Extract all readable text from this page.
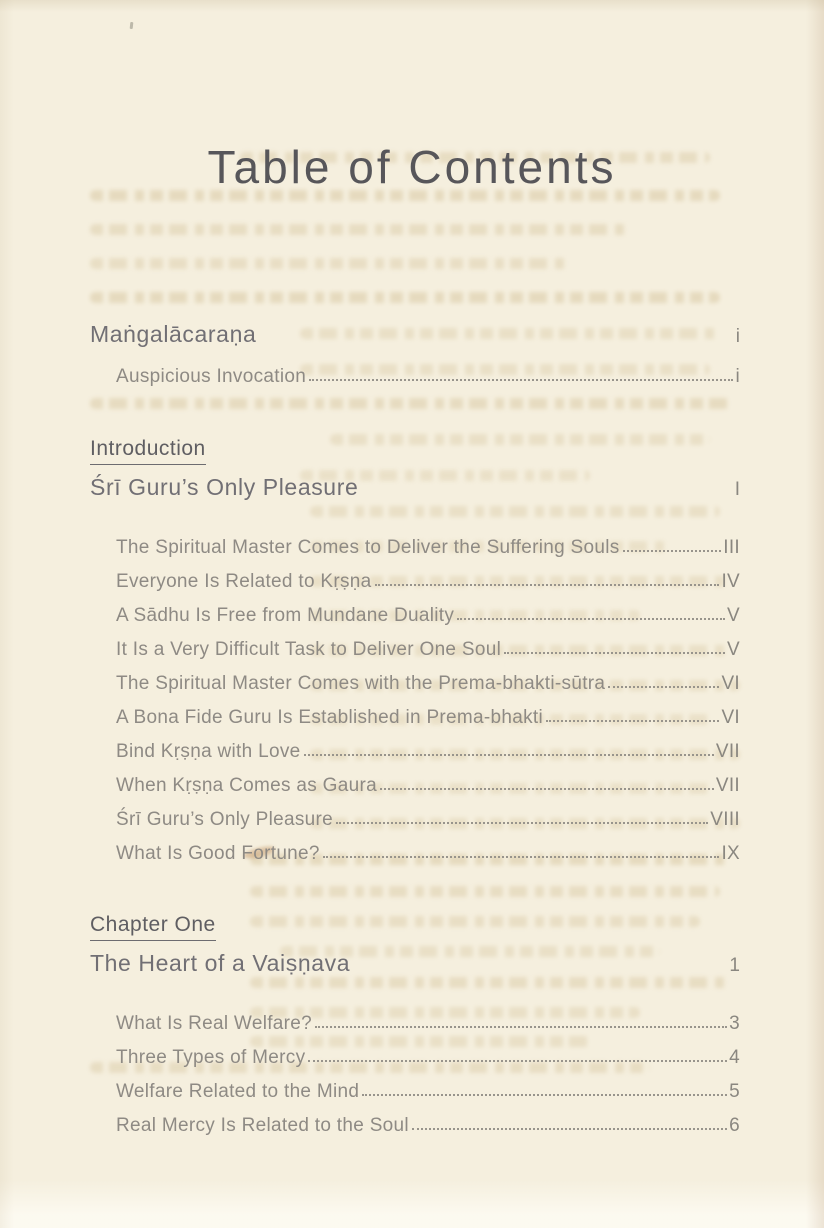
Table of Contents
Maṅgalācaraṇa	i
Auspicious Invocation	i
Introduction
Śrī Guru’s Only Pleasure	I
The Spiritual Master Comes to Deliver the Suffering Souls	III
Everyone Is Related to Kṛṣṇa	IV
A Sādhu Is Free from Mundane Duality	V
It Is a Very Difficult Task to Deliver One Soul	V
The Spiritual Master Comes with the Prema-bhakti-sūtra	VI
A Bona Fide Guru Is Established in Prema-bhakti	VI
Bind Kṛṣṇa with Love	VII
When Kṛṣṇa Comes as Gaura	VII
Śrī Guru’s Only Pleasure	VIII
What Is Good Fortune?	IX
Chapter One
The Heart of a Vaiṣṇava	1
What Is Real Welfare?	3
Three Types of Mercy	4
Welfare Related to the Mind	5
Real Mercy Is Related to the Soul	6
